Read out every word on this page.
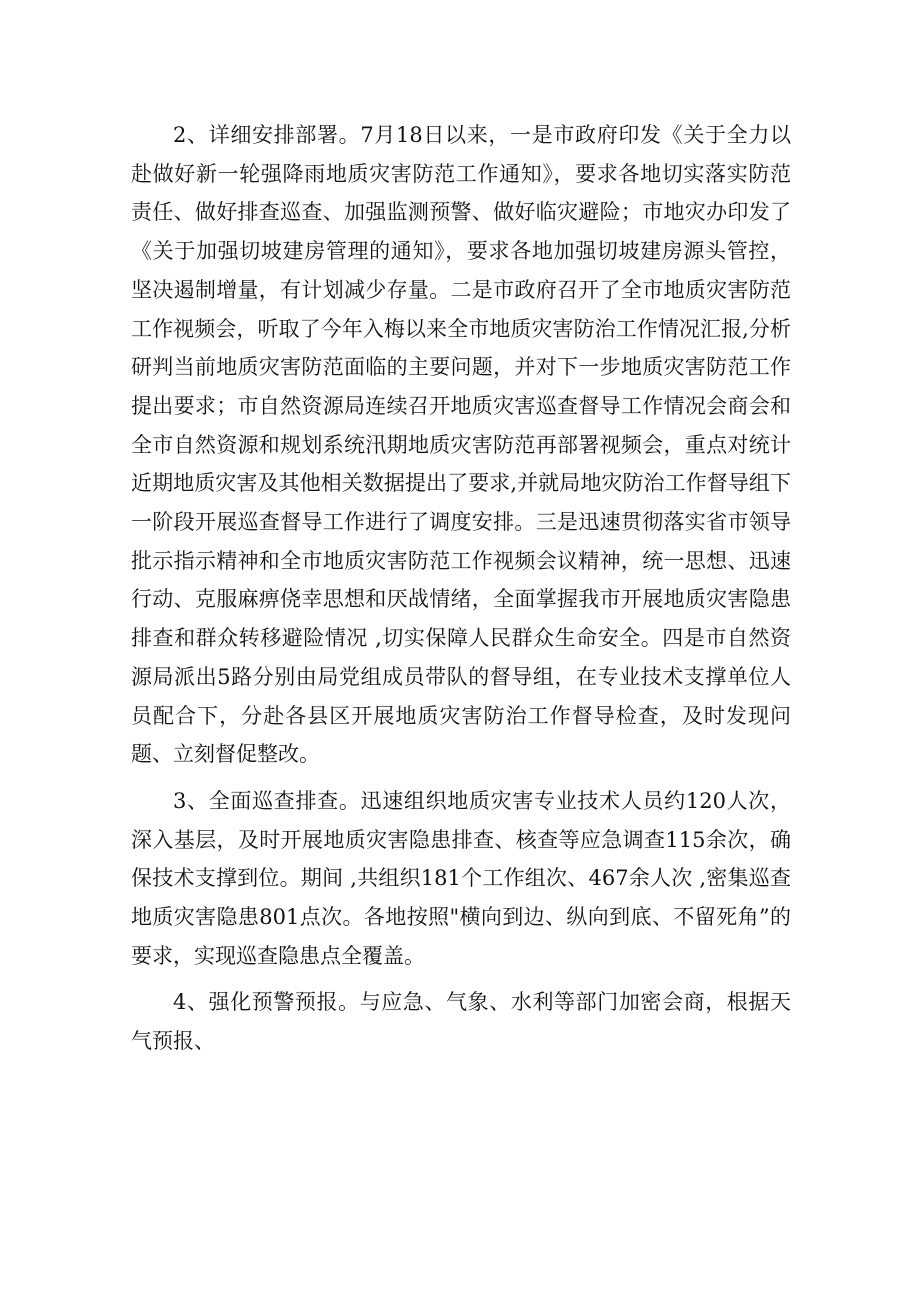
2、详细安排部署。7月18日以来，一是市政府印发《关于全力以赴做好新一轮强降雨地质灾害防范工作通知》，要求各地切实落实防范责任、做好排查巡查、加强监测预警、做好临灾避险；市地灾办印发了《关于加强切坡建房管理的通知》，要求各地加强切坡建房源头管控，坚决遏制增量，有计划减少存量。二是市政府召开了全市地质灾害防范工作视频会，听取了今年入梅以来全市地质灾害防治工作情况汇报,分析研判当前地质灾害防范面临的主要问题，并对下一步地质灾害防范工作提出要求；市自然资源局连续召开地质灾害巡查督导工作情况会商会和全市自然资源和规划系统汛期地质灾害防范再部署视频会，重点对统计近期地质灾害及其他相关数据提出了要求,并就局地灾防治工作督导组下一阶段开展巡查督导工作进行了调度安排。三是迅速贯彻落实省市领导批示指示精神和全市地质灾害防范工作视频会议精神，统一思想、迅速行动、克服麻痹侥幸思想和厌战情绪，全面掌握我市开展地质灾害隐患排查和群众转移避险情况 ,切实保障人民群众生命安全。四是市自然资源局派出5路分别由局党组成员带队的督导组，在专业技术支撑单位人员配合下，分赴各县区开展地质灾害防治工作督导检查，及时发现问题、立刻督促整改。

3、全面巡查排查。迅速组织地质灾害专业技术人员约120人次，深入基层，及时开展地质灾害隐患排查、核查等应急调查115余次，确保技术支撑到位。期间 ,共组织181个工作组次、467余人次 ,密集巡查地质灾害隐患801点次。各地按照"横向到边、纵向到底、不留死角”的要求，实现巡查隐患点全覆盖。

4、强化预警预报。与应急、气象、水利等部门加密会商，根据天气预报、
